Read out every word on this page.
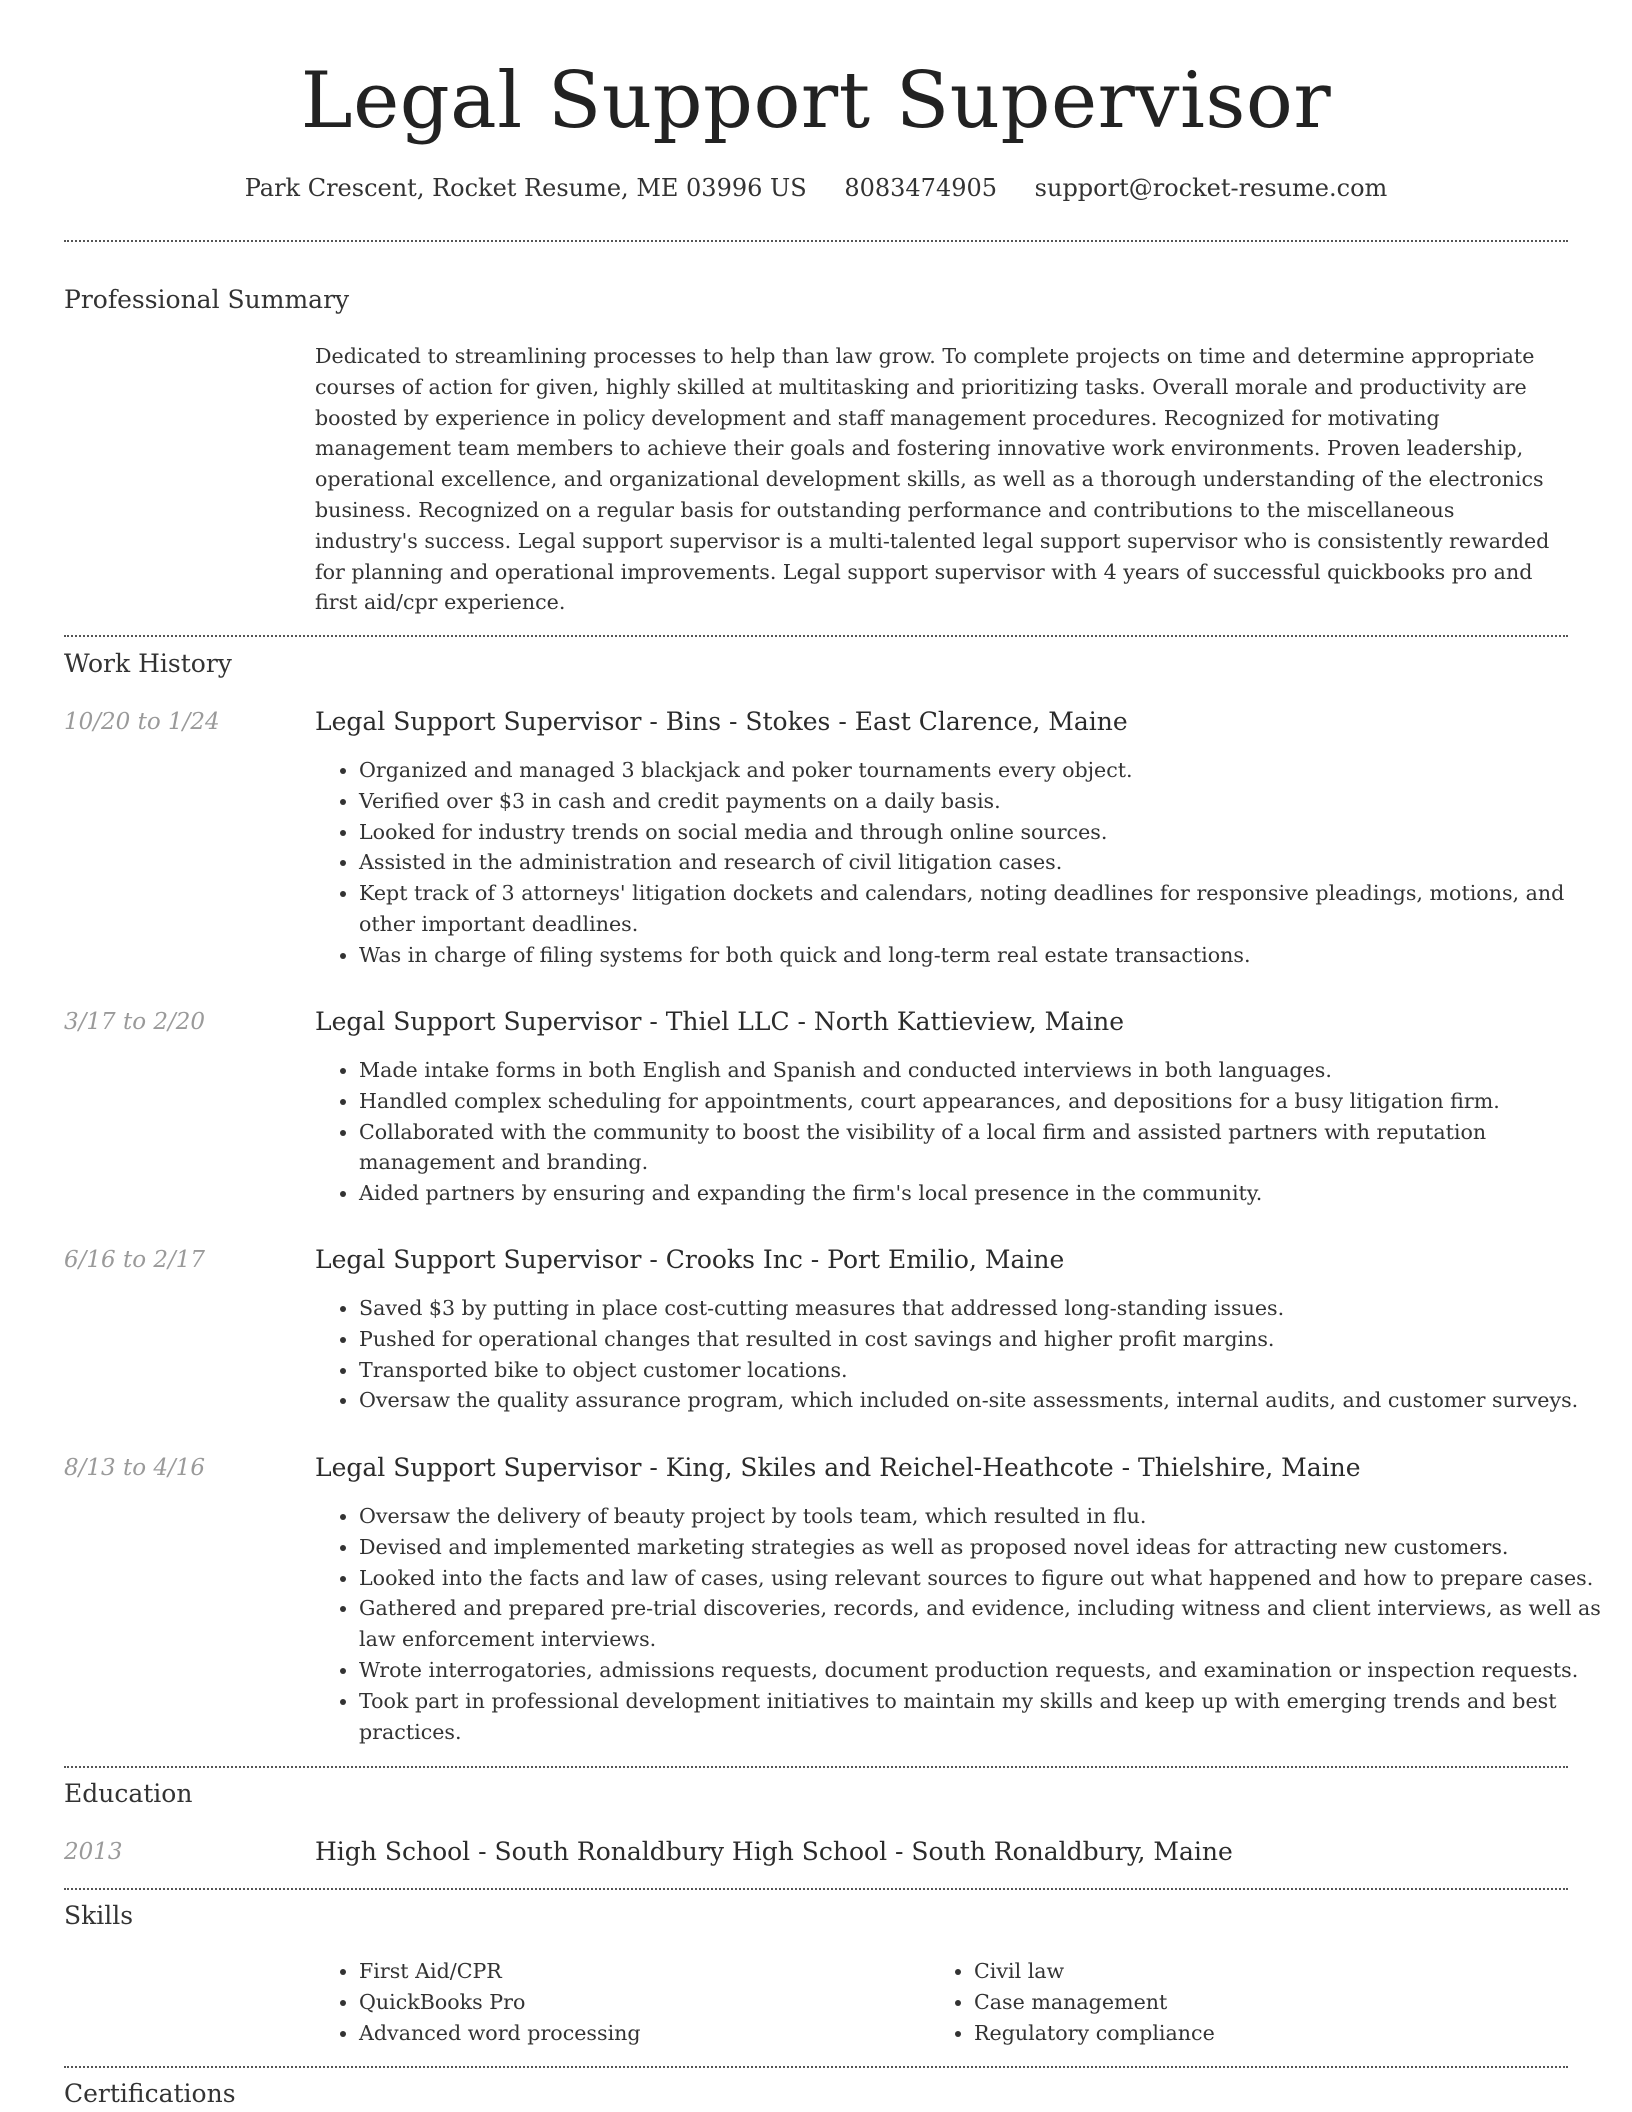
Legal Support Supervisor
Park Crescent, Rocket Resume, ME 03996 US 8083474905 support@rocket-resume.com
Professional Summary

Dedicated to streamlining processes to help than law grow. To complete projects on time and determine appropriate courses of action for given, highly skilled at multitasking and prioritizing tasks. Overall morale and productivity are boosted by experience in policy development and staff management procedures. Recognized for motivating management team members to achieve their goals and fostering innovative work environments. Proven leadership, operational excellence, and organizational development skills, as well as a thorough understanding of the electronics business. Recognized on a regular basis for outstanding performance and contributions to the miscellaneous industry's success. Legal support supervisor is a multi-talented legal support supervisor who is consistently rewarded for planning and operational improvements. Legal support supervisor with 4 years of successful quickbooks pro and first aid/cpr experience.

Work History
10/20 to 1/24	Legal Support Supervisor - Bins - Stokes - East Clarence, Maine
• Organized and managed 3 blackjack and poker tournaments every object.
• Verified over $3 in cash and credit payments on a daily basis.
• Looked for industry trends on social media and through online sources.
• Assisted in the administration and research of civil litigation cases.
• Kept track of 3 attorneys' litigation dockets and calendars, noting deadlines for responsive pleadings, motions, and other important deadlines.
• Was in charge of filing systems for both quick and long-term real estate transactions.
3/17 to 2/20	Legal Support Supervisor - Thiel LLC - North Kattieview, Maine
• Made intake forms in both English and Spanish and conducted interviews in both languages.
• Handled complex scheduling for appointments, court appearances, and depositions for a busy litigation firm.
• Collaborated with the community to boost the visibility of a local firm and assisted partners with reputation management and branding.
• Aided partners by ensuring and expanding the firm's local presence in the community.
6/16 to 2/17	Legal Support Supervisor - Crooks Inc - Port Emilio, Maine
• Saved $3 by putting in place cost-cutting measures that addressed long-standing issues.
• Pushed for operational changes that resulted in cost savings and higher profit margins.
• Transported bike to object customer locations.
• Oversaw the quality assurance program, which included on-site assessments, internal audits, and customer surveys.
8/13 to 4/16	Legal Support Supervisor - King, Skiles and Reichel-Heathcote - Thielshire, Maine
• Oversaw the delivery of beauty project by tools team, which resulted in flu.
• Devised and implemented marketing strategies as well as proposed novel ideas for attracting new customers.
• Looked into the facts and law of cases, using relevant sources to figure out what happened and how to prepare cases.
• Gathered and prepared pre-trial discoveries, records, and evidence, including witness and client interviews, as well as law enforcement interviews.
• Wrote interrogatories, admissions requests, document production requests, and examination or inspection requests.
• Took part in professional development initiatives to maintain my skills and keep up with emerging trends and best practices.
Education
2013	High School - South Ronaldbury High School - South Ronaldbury, Maine
Skills
• First Aid/CPR
• QuickBooks Pro
• Advanced word processing
• Civil law
• Case management
• Regulatory compliance
Certifications
